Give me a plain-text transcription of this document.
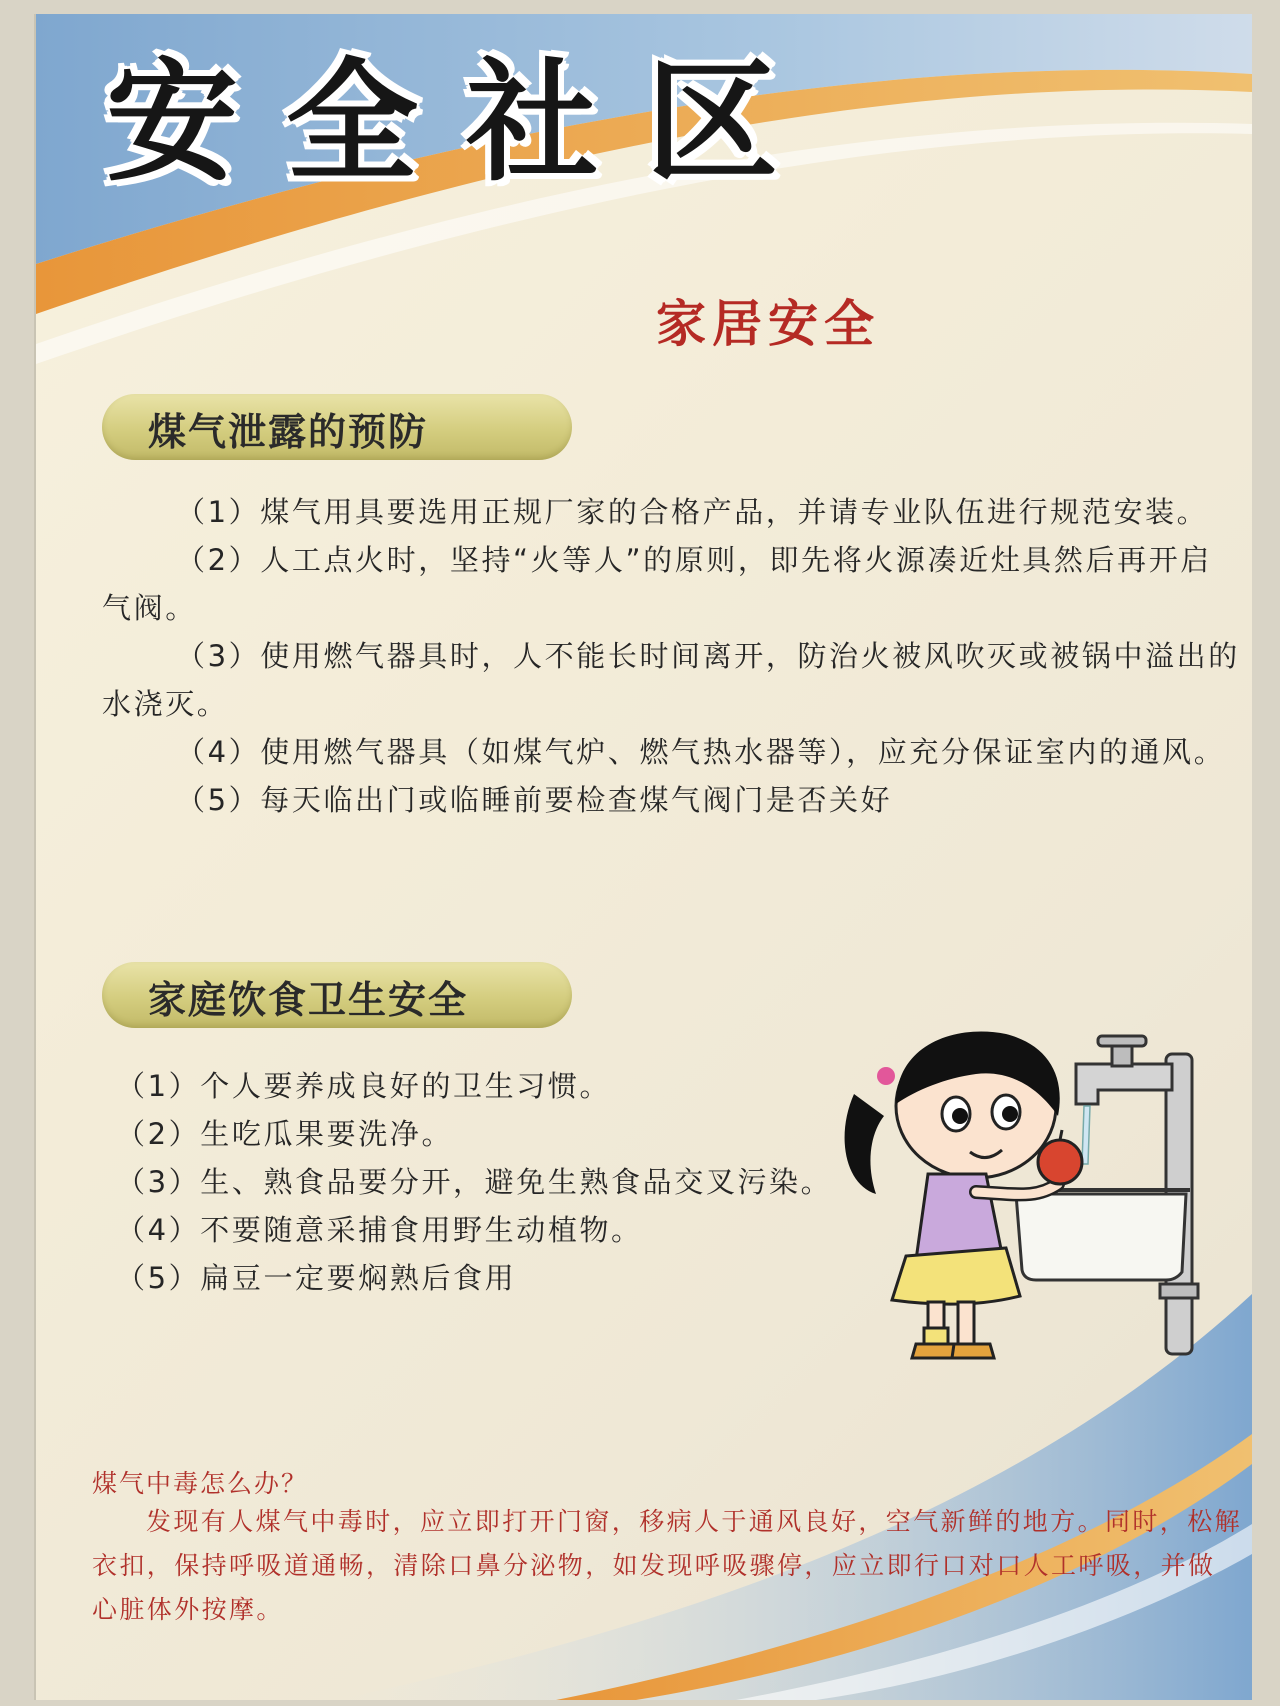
安全社区
家居安全
煤气泄露的预防

（1）煤气用具要选用正规厂家的合格产品，并请专业队伍进行规范安装。

（2）人工点火时，坚持“火等人”的原则，即先将火源凑近灶具然后再开启气阀。

（3）使用燃气器具时，人不能长时间离开，防治火被风吹灭或被锅中溢出的水浇灭。

（4）使用燃气器具（如煤气炉、燃气热水器等），应充分保证室内的通风。

（5）每天临出门或临睡前要检查煤气阀门是否关好

家庭饮食卫生安全

（1）个人要养成良好的卫生习惯。

（2）生吃瓜果要洗净。

（3）生、熟食品要分开，避免生熟食品交叉污染。

（4）不要随意采捕食用野生动植物。

（5）扁豆一定要焖熟后食用

煤气中毒怎么办？

发现有人煤气中毒时，应立即打开门窗，移病人于通风良好，空气新鲜的地方。同时，松解衣扣，保持呼吸道通畅，清除口鼻分泌物，如发现呼吸骤停，应立即行口对口人工呼吸，并做心脏体外按摩。
